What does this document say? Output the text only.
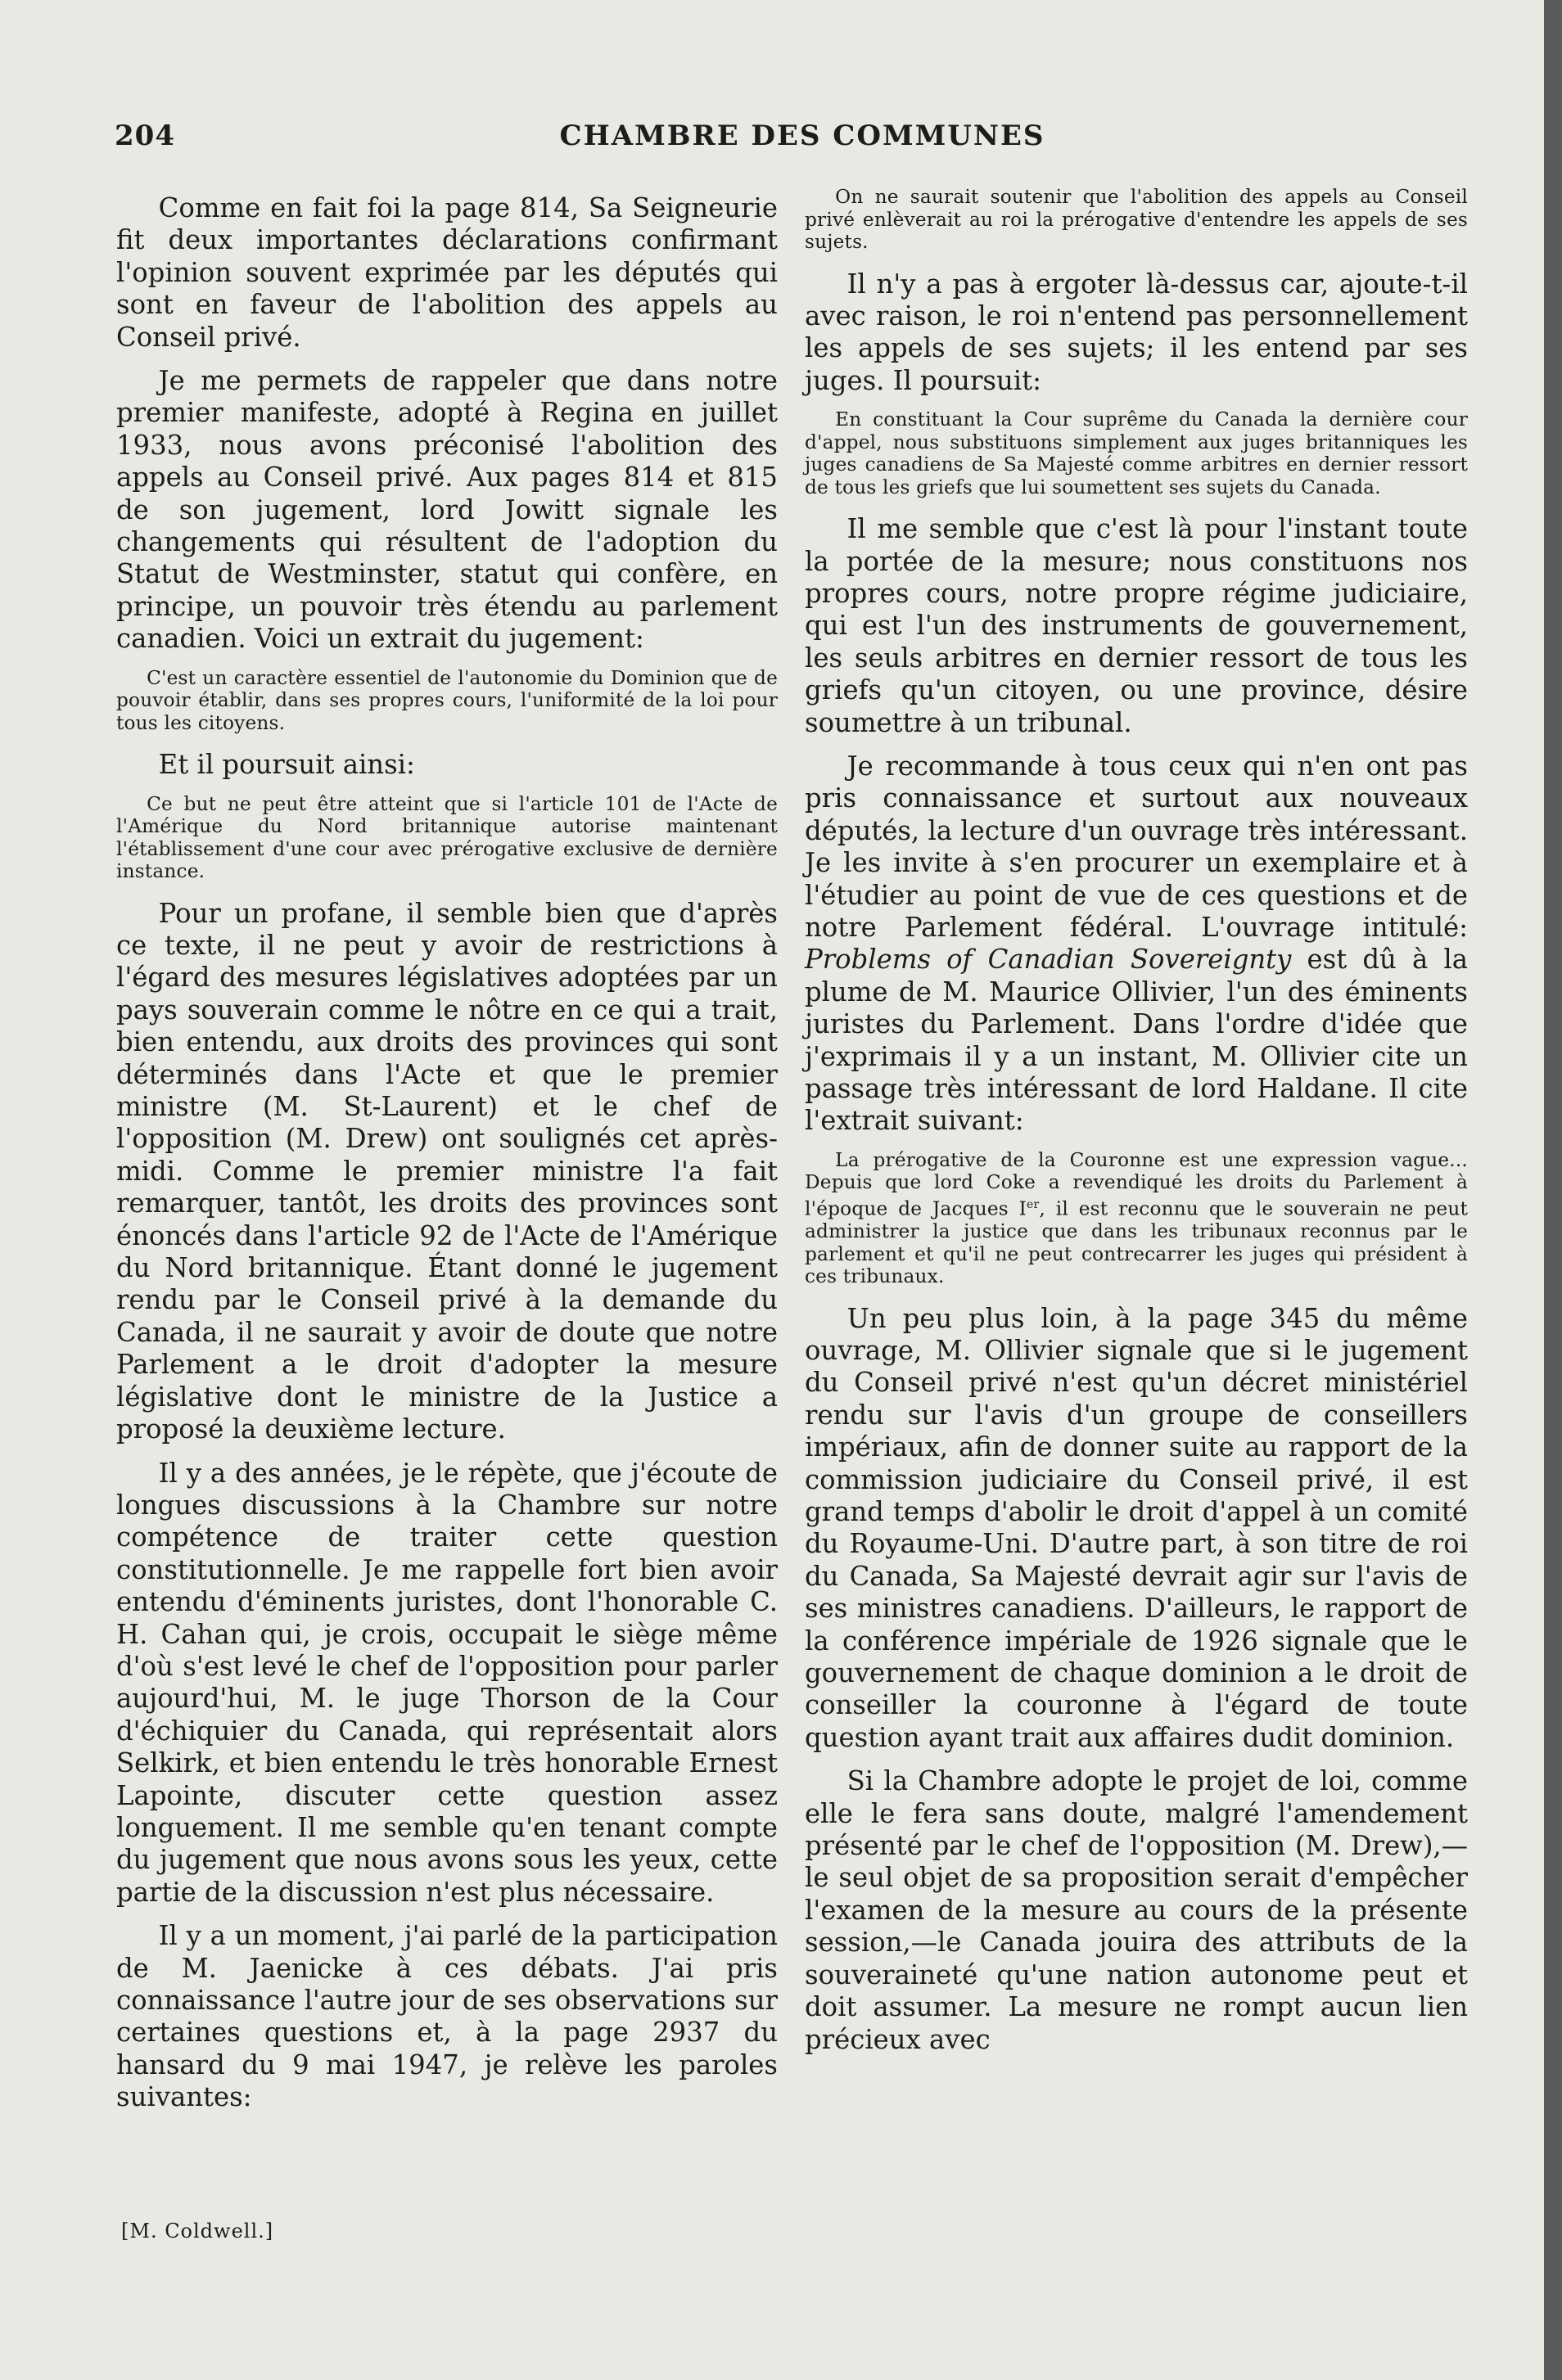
204	CHAMBRE DES COMMUNES

Comme en fait foi la page 814, Sa Seigneurie fit deux importantes déclarations confirmant l'opinion souvent exprimée par les députés qui sont en faveur de l'abolition des appels au Conseil privé.

Je me permets de rappeler que dans notre premier manifeste, adopté à Regina en juillet 1933, nous avons préconisé l'abolition des appels au Conseil privé. Aux pages 814 et 815 de son jugement, lord Jowitt signale les changements qui résultent de l'adoption du Statut de Westminster, statut qui confère, en principe, un pouvoir très étendu au parlement canadien. Voici un extrait du jugement:

C'est un caractère essentiel de l'autonomie du Dominion que de pouvoir établir, dans ses propres cours, l'uniformité de la loi pour tous les citoyens.

Et il poursuit ainsi:

Ce but ne peut être atteint que si l'article 101 de l'Acte de l'Amérique du Nord britannique autorise maintenant l'établissement d'une cour avec prérogative exclusive de dernière instance.

Pour un profane, il semble bien que d'après ce texte, il ne peut y avoir de restrictions à l'égard des mesures législatives adoptées par un pays souverain comme le nôtre en ce qui a trait, bien entendu, aux droits des provinces qui sont déterminés dans l'Acte et que le premier ministre (M. St-Laurent) et le chef de l'opposition (M. Drew) ont soulignés cet après-midi. Comme le premier ministre l'a fait remarquer, tantôt, les droits des provinces sont énoncés dans l'article 92 de l'Acte de l'Amérique du Nord britannique. Étant donné le jugement rendu par le Conseil privé à la demande du Canada, il ne saurait y avoir de doute que notre Parlement a le droit d'adopter la mesure législative dont le ministre de la Justice a proposé la deuxième lecture.

Il y a des années, je le répète, que j'écoute de longues discussions à la Chambre sur notre compétence de traiter cette question constitutionnelle. Je me rappelle fort bien avoir entendu d'éminents juristes, dont l'honorable C. H. Cahan qui, je crois, occupait le siège même d'où s'est levé le chef de l'opposition pour parler aujourd'hui, M. le juge Thorson de la Cour d'échiquier du Canada, qui représentait alors Selkirk, et bien entendu le très honorable Ernest Lapointe, discuter cette question assez longuement. Il me semble qu'en tenant compte du jugement que nous avons sous les yeux, cette partie de la discussion n'est plus nécessaire.

Il y a un moment, j'ai parlé de la participation de M. Jaenicke à ces débats. J'ai pris connaissance l'autre jour de ses observations sur certaines questions et, à la page 2937 du hansard du 9 mai 1947, je relève les paroles suivantes:

On ne saurait soutenir que l'abolition des appels au Conseil privé enlèverait au roi la prérogative d'entendre les appels de ses sujets.

Il n'y a pas à ergoter là-dessus car, ajoute-t-il avec raison, le roi n'entend pas personnellement les appels de ses sujets; il les entend par ses juges. Il poursuit:

En constituant la Cour suprême du Canada la dernière cour d'appel, nous substituons simplement aux juges britanniques les juges canadiens de Sa Majesté comme arbitres en dernier ressort de tous les griefs que lui soumettent ses sujets du Canada.

Il me semble que c'est là pour l'instant toute la portée de la mesure; nous constituons nos propres cours, notre propre régime judiciaire, qui est l'un des instruments de gouvernement, les seuls arbitres en dernier ressort de tous les griefs qu'un citoyen, ou une province, désire soumettre à un tribunal.

Je recommande à tous ceux qui n'en ont pas pris connaissance et surtout aux nouveaux députés, la lecture d'un ouvrage très intéressant. Je les invite à s'en procurer un exemplaire et à l'étudier au point de vue de ces questions et de notre Parlement fédéral. L'ouvrage intitulé: Problems of Canadian Sovereignty est dû à la plume de M. Maurice Ollivier, l'un des éminents juristes du Parlement. Dans l'ordre d'idée que j'exprimais il y a un instant, M. Ollivier cite un passage très intéressant de lord Haldane. Il cite l'extrait suivant:

La prérogative de la Couronne est une expression vague... Depuis que lord Coke a revendiqué les droits du Parlement à l'époque de Jacques Ier, il est reconnu que le souverain ne peut administrer la justice que dans les tribunaux reconnus par le parlement et qu'il ne peut contrecarrer les juges qui président à ces tribunaux.

Un peu plus loin, à la page 345 du même ouvrage, M. Ollivier signale que si le jugement du Conseil privé n'est qu'un décret ministériel rendu sur l'avis d'un groupe de conseillers impériaux, afin de donner suite au rapport de la commission judiciaire du Conseil privé, il est grand temps d'abolir le droit d'appel à un comité du Royaume-Uni. D'autre part, à son titre de roi du Canada, Sa Majesté devrait agir sur l'avis de ses ministres canadiens. D'ailleurs, le rapport de la conférence impériale de 1926 signale que le gouvernement de chaque dominion a le droit de conseiller la couronne à l'égard de toute question ayant trait aux affaires dudit dominion.

Si la Chambre adopte le projet de loi, comme elle le fera sans doute, malgré l'amendement présenté par le chef de l'opposition (M. Drew),—le seul objet de sa proposition serait d'empêcher l'examen de la mesure au cours de la présente session,—le Canada jouira des attributs de la souveraineté qu'une nation autonome peut et doit assumer. La mesure ne rompt aucun lien précieux avec

[M. Coldwell.]
